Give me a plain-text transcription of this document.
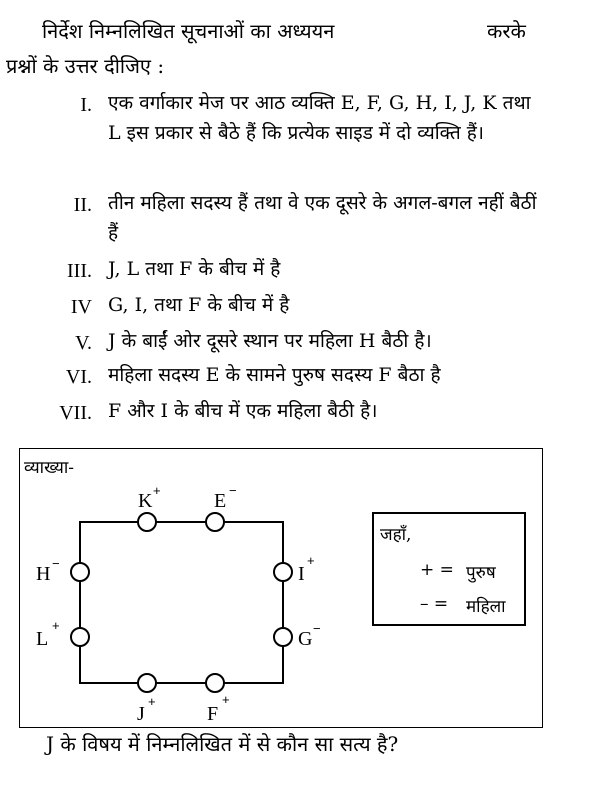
निर्देश निम्नलिखित सूचनाओं का अध्ययन	करके
प्रश्नों के उत्तर दीजिए :
I. एक वर्गाकार मेज पर आठ व्यक्ति E, F, G, H, I, J, K तथा L इस प्रकार से बैठे हैं कि प्रत्येक साइड में दो व्यक्ति हैं।
II. तीन महिला सदस्य हैं तथा वे एक दूसरे के अगल-बगल नहीं बैठीं हैं
III. J, L तथा F के बीच में है
IV G, I, तथा F के बीच में है
V. J के बाईं ओर दूसरे स्थान पर महिला H बैठी है।
VI. महिला सदस्य E के सामने पुरुष सदस्य F बैठा है
VII. F और I के बीच में एक महिला बैठी है।
व्याख्या-
K +	E −
H −	I
+
L
+
G −
J
+
F
+
जहाँ,
+ = पुरुष
– = महिला
J के विषय में निम्नलिखित में से कौन सा सत्य है?
